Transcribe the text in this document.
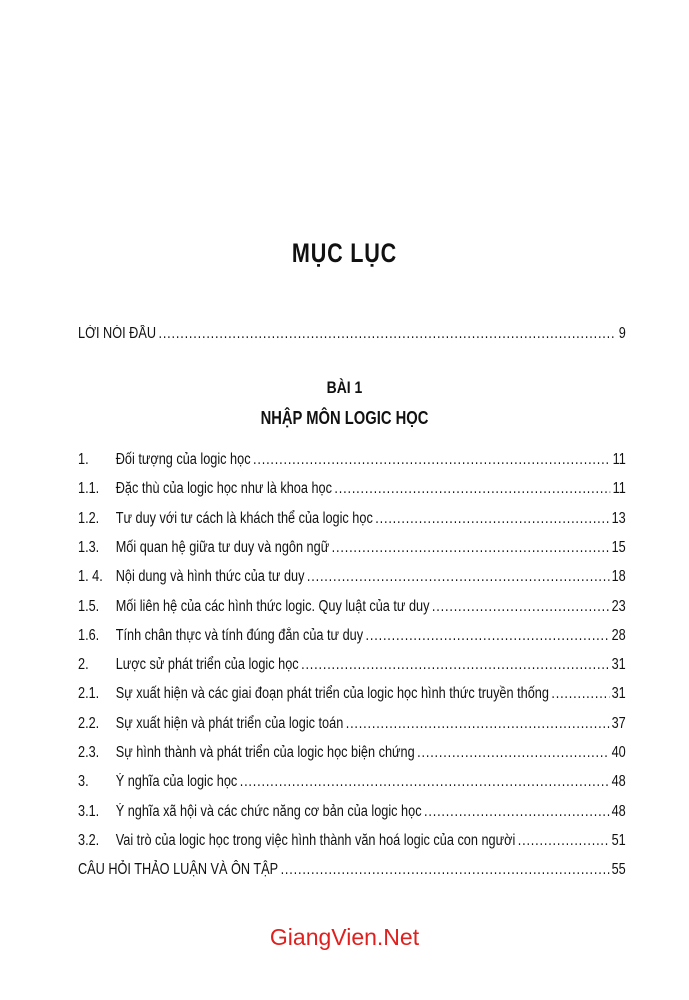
MỤC LỤC
LỜI NÓI ĐẦU .....	9
BÀI 1
NHẬP MÔN LOGIC HỌC
1.	Đối tượng của logic học .....	11
1.1.	Đặc thù của logic học như là khoa học .....	11
1.2.	Tư duy với tư cách là khách thể của logic học .....	13
1.3.	Mối quan hệ giữa tư duy và ngôn ngữ .....	15
1. 4. Nội dung và hình thức của tư duy .....	18
1.5.	Mối liên hệ của các hình thức logic. Quy luật của tư duy .....	23
1.6.	Tính chân thực và tính đúng đắn của tư duy .....	28
2.	Lược sử phát triển của logic học .....	31
2.1.	Sự xuất hiện và các giai đoạn phát triển của logic học hình thức truyền thống .....	31
2.2.	Sự xuất hiện và phát triển của logic toán .....	37
2.3.	Sự hình thành và phát triển của logic học biện chứng .....	40
3.	Ý nghĩa của logic học .....	48
3.1.	Ý nghĩa xã hội và các chức năng cơ bản của logic học .....	48
3.2.	Vai trò của logic học trong việc hình thành văn hoá logic của con người .....	51
CÂU HỎI THẢO LUẬN VÀ ÔN TẬP .....	55
GiangVien.Net
